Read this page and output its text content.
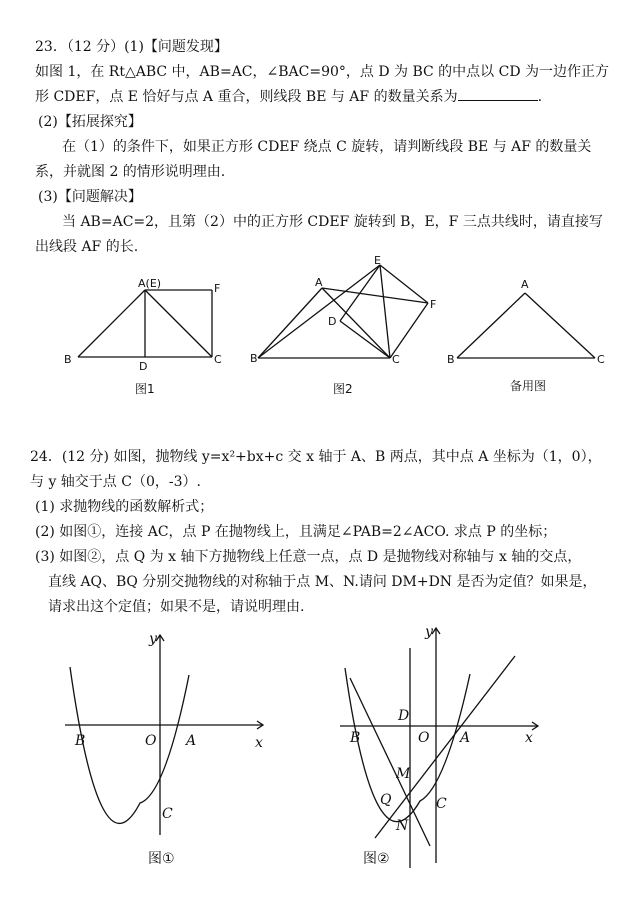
23．（12 分）(1)【问题发现】
如图 1，在 Rt△ABC 中，AB=AC，∠BAC=90°，点 D 为 BC 的中点以 CD 为一边作正方
形 CDEF，点 E 恰好与点 A 重合，则线段 BE 与 AF 的数量关系为	.
(2)【拓展探究】
在（1）的条件下，如果正方形 CDEF 绕点 C 旋转，请判断线段 BE 与 AF 的数量关
系，并就图 2 的情形说明理由.
(3)【问题解决】
当 AB=AC=2，且第（2）中的正方形 CDEF 旋转到 B，E，F 三点共线时，请直接写
出线段 AF 的长.
A(E)	F
B
D
C
图1
E
A
F
D
B	C
图2
A
B	C
备用图
24．(12 分) 如图，抛物线 y=x²+bx+c 交 x 轴于 A、B 两点，其中点 A 坐标为（1，0），
与 y 轴交于点 C（0，-3）.
(1) 求抛物线的函数解析式；
(2) 如图①，连接 AC，点 P 在抛物线上，且满足∠PAB=2∠ACO. 求点 P 的坐标；
(3) 如图②，点 Q 为 x 轴下方抛物线上任意一点，点 D 是抛物线对称轴与 x 轴的交点，
直线 AQ、BQ 分别交抛物线的对称轴于点 M、N.请问 DM+DN 是否为定值？如果是，
请求出这个定值；如果不是，请说明理由.
y
x
B	O A
C
图①
y
x
D
B	O A
M
Q	C
N
图②
